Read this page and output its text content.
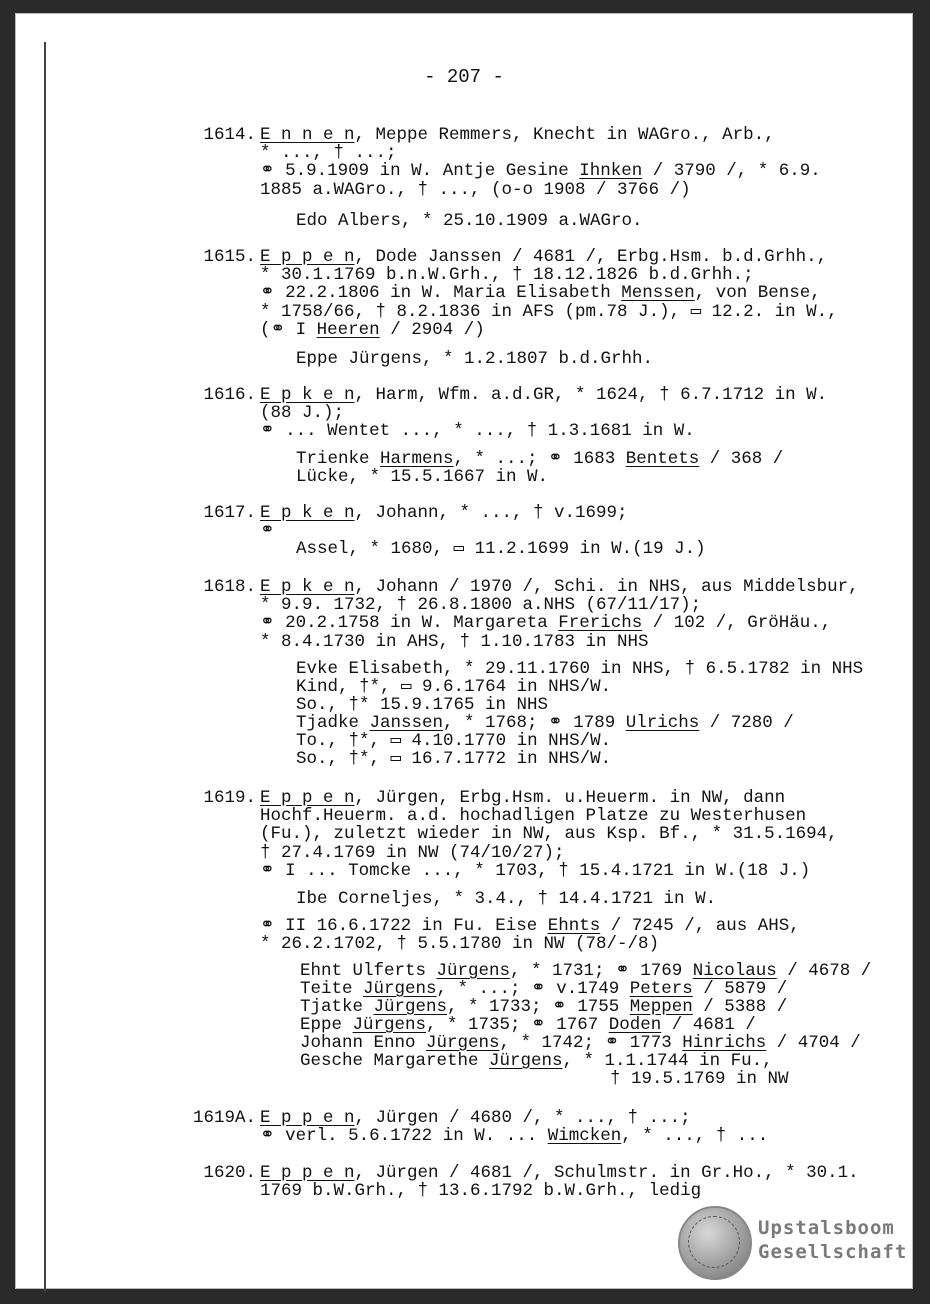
- 207 -
1614. E n n e n, Meppe Remmers, Knecht in WAGro., Arb.,
* ..., † ...;
⚭ 5.9.1909 in W. Antje Gesine Ihnken / 3790 /, * 6.9.
1885 a.WAGro., † ..., (o-o 1908 / 3766 /)
Edo Albers, * 25.10.1909 a.WAGro.
1615. E p p e n, Dode Janssen / 4681 /, Erbg.Hsm. b.d.Grhh.,
* 30.1.1769 b.n.W.Grh., † 18.12.1826 b.d.Grhh.;
⚭ 22.2.1806 in W. Maria Elisabeth Menssen, von Bense,
* 1758/66, † 8.2.1836 in AFS (pm.78 J.), ▭ 12.2. in W.,
(⚭ I Heeren / 2904 /)
Eppe Jürgens, * 1.2.1807 b.d.Grhh.
1616. E p k e n, Harm, Wfm. a.d.GR, * 1624, † 6.7.1712 in W.
(88 J.);
⚭ ... Wentet ..., * ..., † 1.3.1681 in W.
Trienke Harmens, * ...; ⚭ 1683 Bentets / 368 /
Lücke, * 15.5.1667 in W.
1617. E p k e n, Johann, * ..., † v.1699;
⚭
Assel, * 1680, ▭ 11.2.1699 in W.(19 J.)
1618. E p k e n, Johann / 1970 /, Schi. in NHS, aus Middelsbur,
* 9.9. 1732, † 26.8.1800 a.NHS (67/11/17);
⚭ 20.2.1758 in W. Margareta Frerichs / 102 /, GröHäu.,
* 8.4.1730 in AHS, † 1.10.1783 in NHS
Evke Elisabeth, * 29.11.1760 in NHS, † 6.5.1782 in NHS
Kind, †*, ▭ 9.6.1764 in NHS/W.
So., †* 15.9.1765 in NHS
Tjadke Janssen, * 1768; ⚭ 1789 Ulrichs / 7280 /
To., †*, ▭ 4.10.1770 in NHS/W.
So., †*, ▭ 16.7.1772 in NHS/W.
1619. E p p e n, Jürgen, Erbg.Hsm. u.Heuerm. in NW, dann
Hochf.Heuerm. a.d. hochadligen Platze zu Westerhusen
(Fu.), zuletzt wieder in NW, aus Ksp. Bf., * 31.5.1694,
† 27.4.1769 in NW (74/10/27);
⚭ I ... Tomcke ..., * 1703, † 15.4.1721 in W.(18 J.)
Ibe Corneljes, * 3.4., † 14.4.1721 in W.
⚭ II 16.6.1722 in Fu. Eise Ehnts / 7245 /, aus AHS,
* 26.2.1702, † 5.5.1780 in NW (78/-/8)
Ehnt Ulferts Jürgens, * 1731; ⚭ 1769 Nicolaus / 4678 /
Teite Jürgens, * ...; ⚭ v.1749 Peters / 5879 /
Tjatke Jürgens, * 1733; ⚭ 1755 Meppen / 5388 /
Eppe Jürgens, * 1735; ⚭ 1767 Doden / 4681 /
Johann Enno Jürgens, * 1742; ⚭ 1773 Hinrichs / 4704 /
Gesche Margarethe Jürgens, * 1.1.1744 in Fu.,
† 19.5.1769 in NW
1619A. E p p e n, Jürgen / 4680 /, * ..., † ...;
⚭ verl. 5.6.1722 in W. ... Wimcken, * ..., † ...
1620. E p p e n, Jürgen / 4681 /, Schulmstr. in Gr.Ho., * 30.1.
1769 b.W.Grh., † 13.6.1792 b.W.Grh., ledig
Upstalsboom
Gesellschaft
